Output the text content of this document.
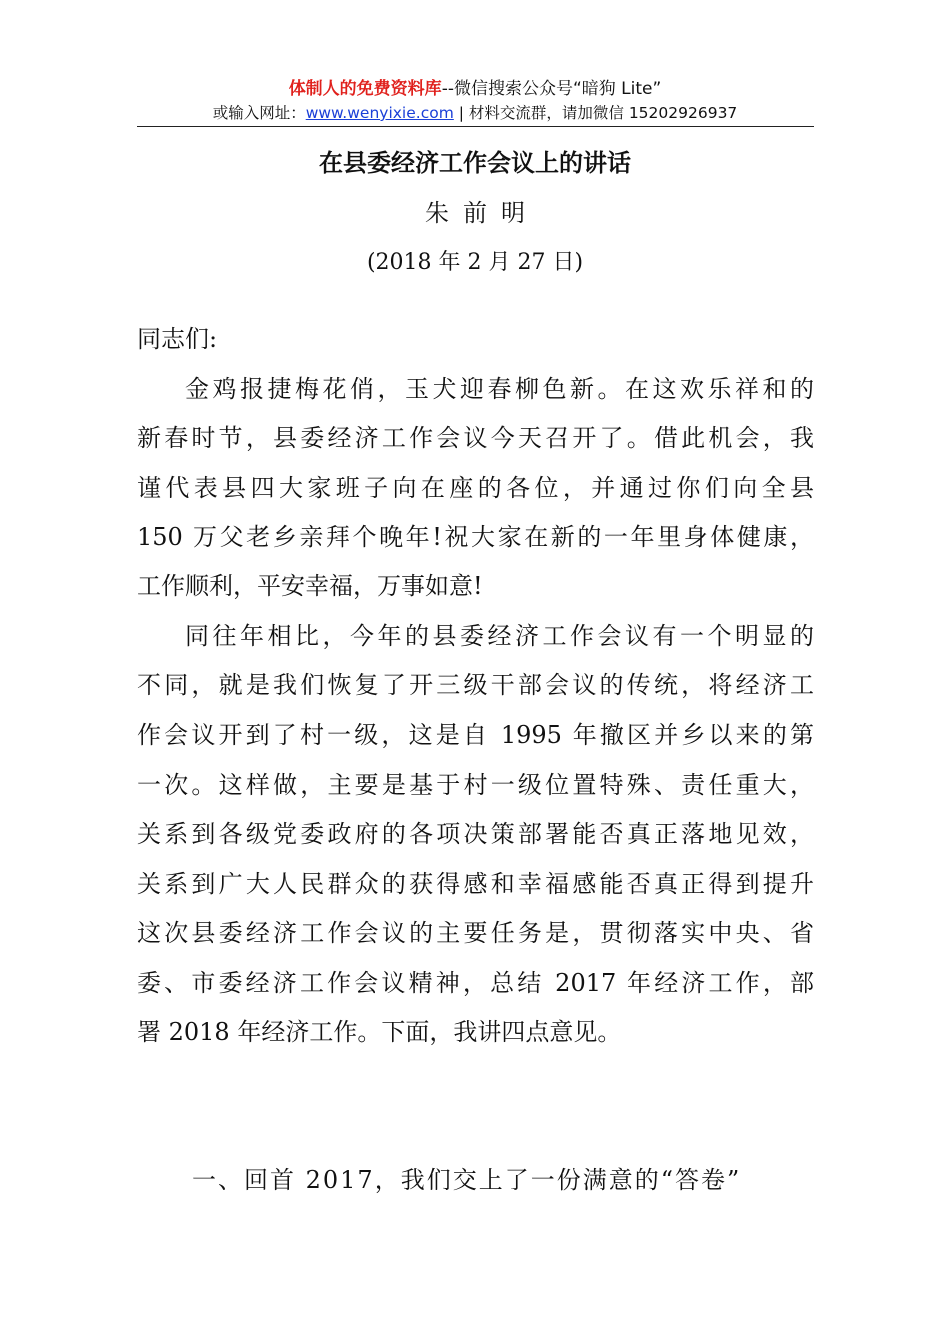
体制人的免费资料库--微信搜索公众号“暗狗 Lite”
或输入网址：www.wenyixie.com | 材料交流群，请加微信 15202926937
在县委经济工作会议上的讲话
朱前明
(2018 年 2 月 27 日)
同志们:
金鸡报捷梅花俏，玉犬迎春柳色新。在这欢乐祥和的
新春时节，县委经济工作会议今天召开了。借此机会，我
谨代表县四大家班子向在座的各位，并通过你们向全县
150 万父老乡亲拜个晚年!祝大家在新的一年里身体健康，
工作顺利，平安幸福，万事如意!
同往年相比，今年的县委经济工作会议有一个明显的
不同，就是我们恢复了开三级干部会议的传统，将经济工
作会议开到了村一级，这是自 1995 年撤区并乡以来的第
一次。这样做，主要是基于村一级位置特殊、责任重大，
关系到各级党委政府的各项决策部署能否真正落地见效，
关系到广大人民群众的获得感和幸福感能否真正得到提升
这次县委经济工作会议的主要任务是，贯彻落实中央、省
委、市委经济工作会议精神，总结 2017 年经济工作，部
署 2018 年经济工作。下面，我讲四点意见。
一、回首 2017，我们交上了一份满意的“答卷”
